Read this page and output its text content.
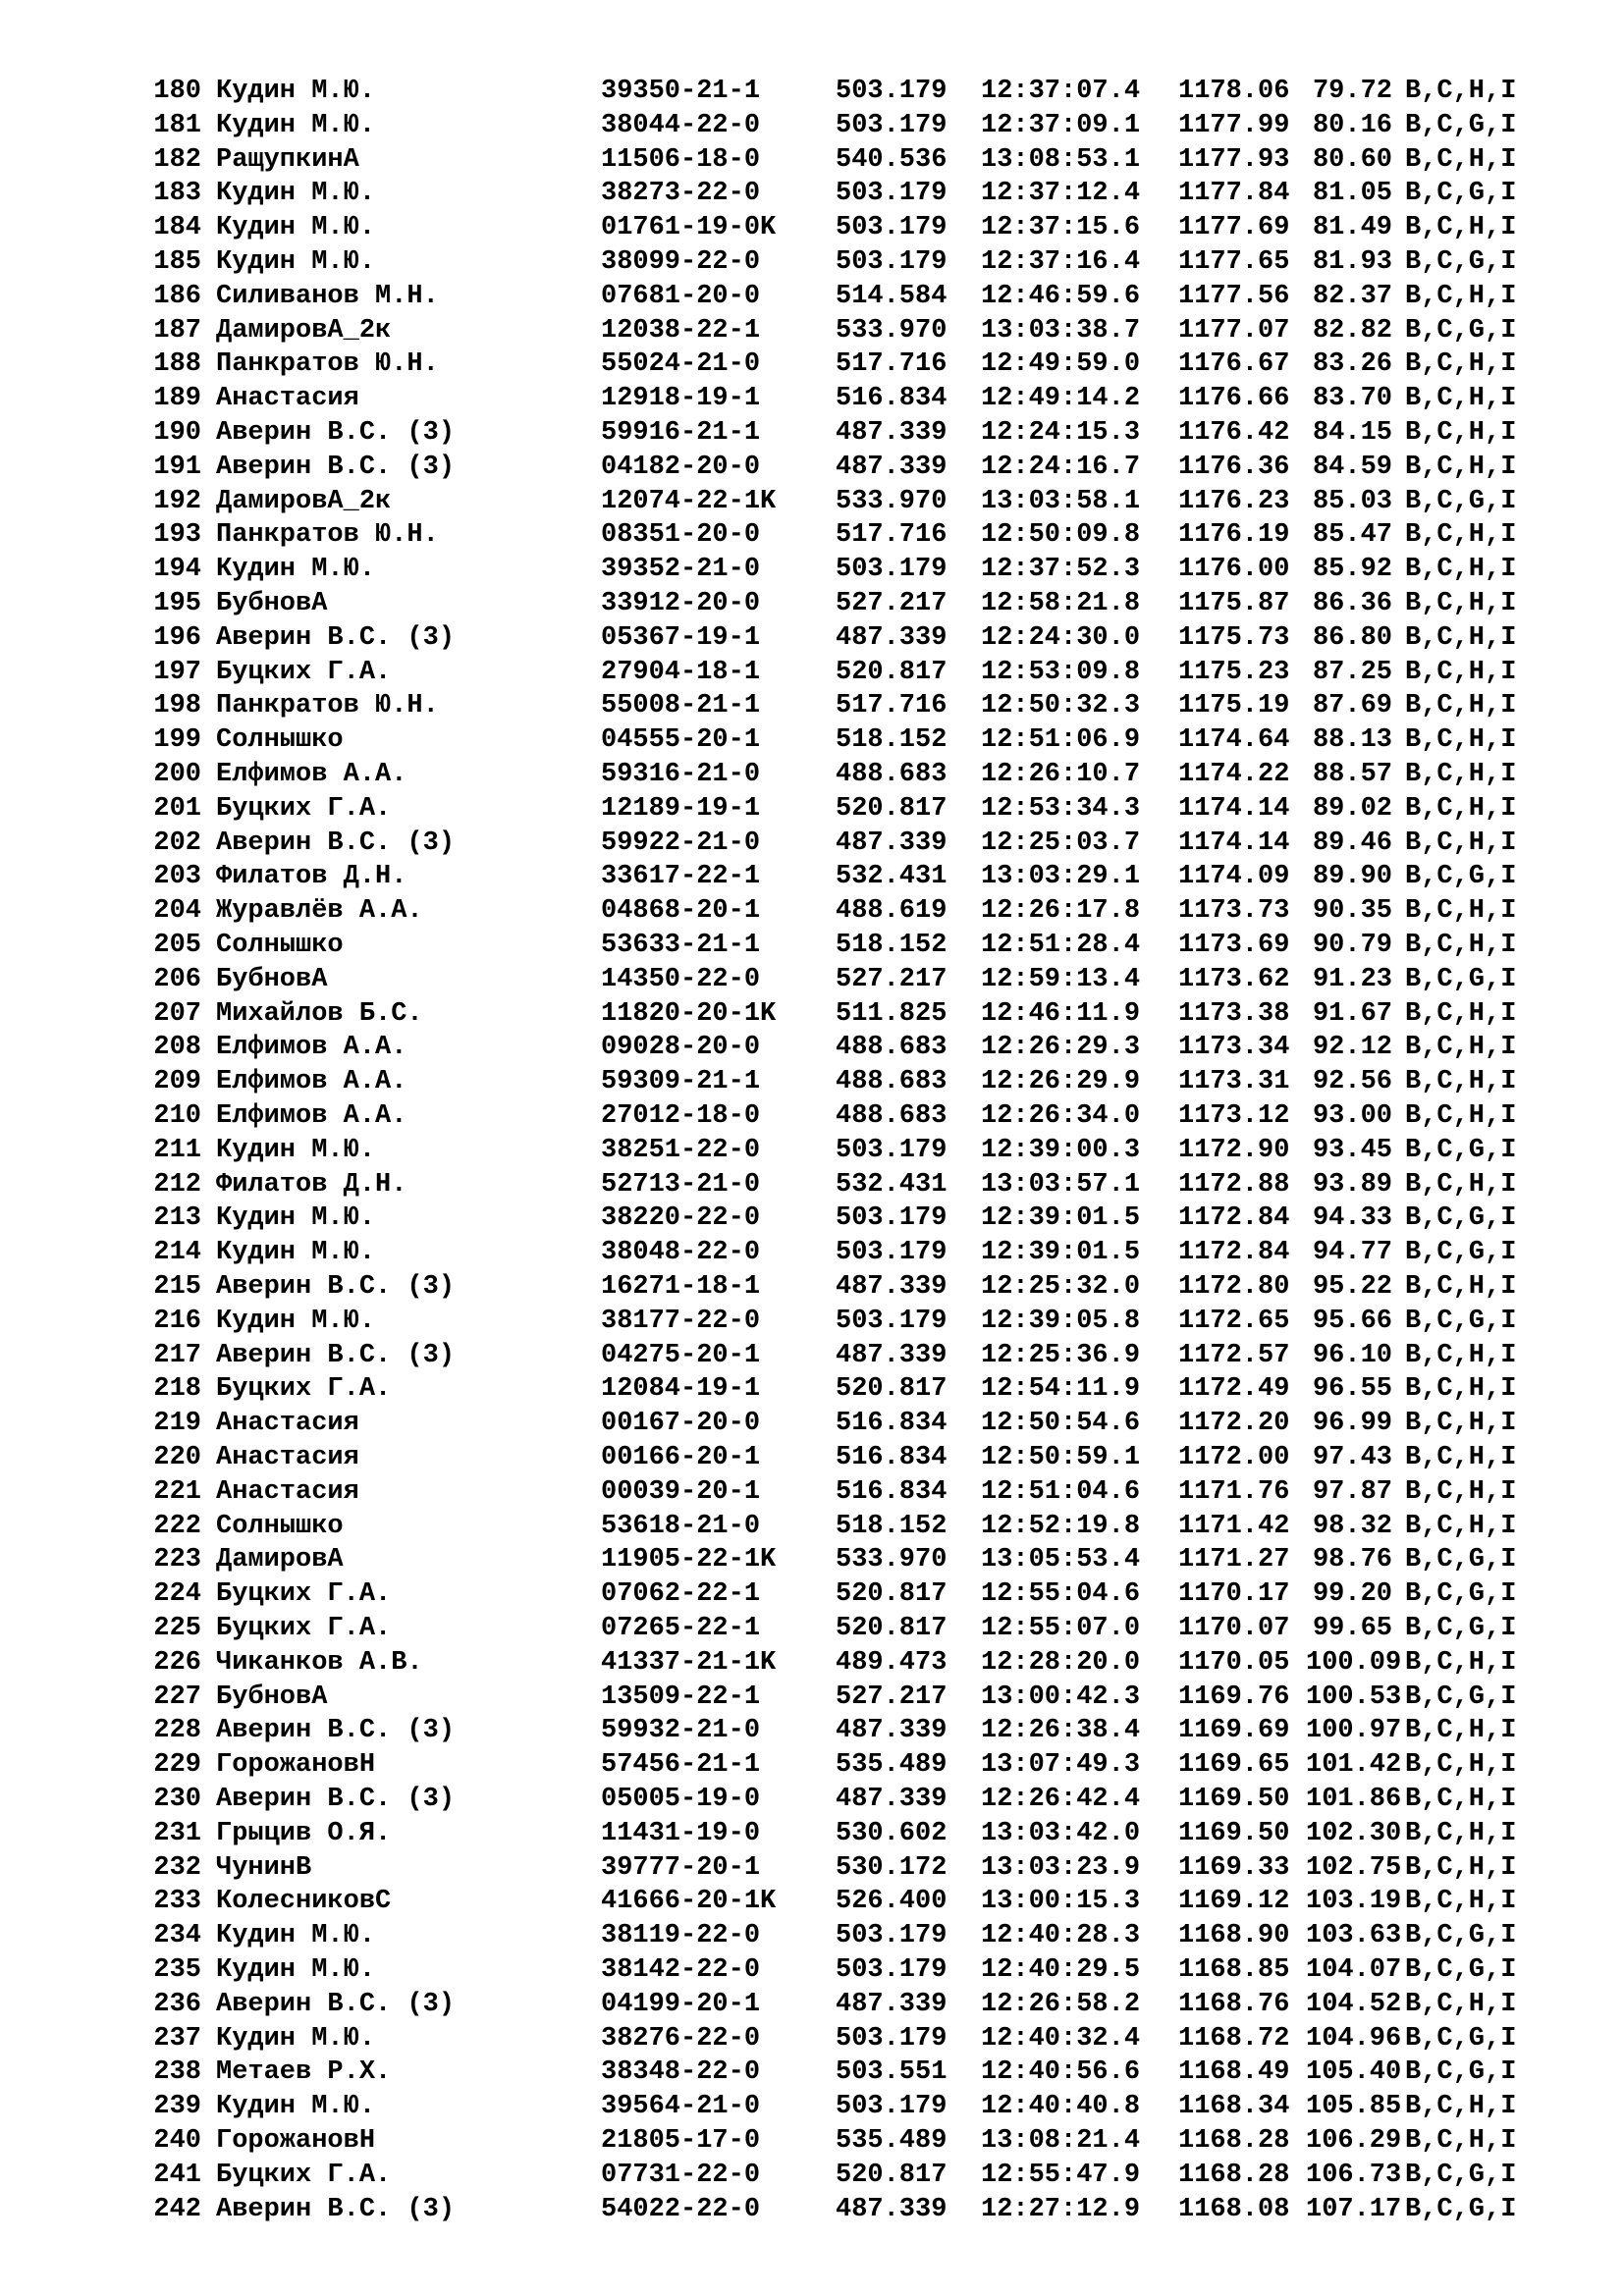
180 Кудин М.Ю.	39350-21-1	503.179 12:37:07.4 1178.06 79.72 B,C,H,I
181 Кудин М.Ю.	38044-22-0	503.179 12:37:09.1 1177.99 80.16 B,C,G,I
182 РащупкинА	11506-18-0	540.536 13:08:53.1 1177.93 80.60 B,C,H,I
183 Кудин М.Ю.	38273-22-0	503.179 12:37:12.4 1177.84 81.05 B,C,G,I
184 Кудин М.Ю.	01761-19-0K 503.179 12:37:15.6 1177.69 81.49 B,C,H,I
185 Кудин М.Ю.	38099-22-0	503.179 12:37:16.4 1177.65 81.93 B,C,G,I
186 Силиванов М.Н.	07681-20-0	514.584 12:46:59.6 1177.56 82.37 B,C,H,I
187 ДамировА_2к	12038-22-1	533.970 13:03:38.7 1177.07 82.82 B,C,G,I
188 Панкратов Ю.Н.	55024-21-0	517.716 12:49:59.0 1176.67 83.26 B,C,H,I
189 Анастасия	12918-19-1	516.834 12:49:14.2 1176.66 83.70 B,C,H,I
190 Аверин В.С. (3)	59916-21-1	487.339 12:24:15.3 1176.42 84.15 B,C,H,I
191 Аверин В.С. (3)	04182-20-0	487.339 12:24:16.7 1176.36 84.59 B,C,H,I
192 ДамировА_2к	12074-22-1K 533.970 13:03:58.1 1176.23 85.03 B,C,G,I
193 Панкратов Ю.Н.	08351-20-0	517.716 12:50:09.8 1176.19 85.47 B,C,H,I
194 Кудин М.Ю.	39352-21-0	503.179 12:37:52.3 1176.00 85.92 B,C,H,I
195 БубновА	33912-20-0	527.217 12:58:21.8 1175.87 86.36 B,C,H,I
196 Аверин В.С. (3)	05367-19-1	487.339 12:24:30.0 1175.73 86.80 B,C,H,I
197 Буцких Г.А.	27904-18-1	520.817 12:53:09.8 1175.23 87.25 B,C,H,I
198 Панкратов Ю.Н.	55008-21-1	517.716 12:50:32.3 1175.19 87.69 B,C,H,I
199 Солнышко	04555-20-1	518.152 12:51:06.9 1174.64 88.13 B,C,H,I
200 Елфимов А.А.	59316-21-0	488.683 12:26:10.7 1174.22 88.57 B,C,H,I
201 Буцких Г.А.	12189-19-1	520.817 12:53:34.3 1174.14 89.02 B,C,H,I
202 Аверин В.С. (3)	59922-21-0	487.339 12:25:03.7 1174.14 89.46 B,C,H,I
203 Филатов Д.Н.	33617-22-1	532.431 13:03:29.1 1174.09 89.90 B,C,G,I
204 Журавлёв А.А.	04868-20-1	488.619 12:26:17.8 1173.73 90.35 B,C,H,I
205 Солнышко	53633-21-1	518.152 12:51:28.4 1173.69 90.79 B,C,H,I
206 БубновА	14350-22-0	527.217 12:59:13.4 1173.62 91.23 B,C,G,I
207 Михайлов Б.С.	11820-20-1K 511.825 12:46:11.9 1173.38 91.67 B,C,H,I
208 Елфимов А.А.	09028-20-0	488.683 12:26:29.3 1173.34 92.12 B,C,H,I
209 Елфимов А.А.	59309-21-1	488.683 12:26:29.9 1173.31 92.56 B,C,H,I
210 Елфимов А.А.	27012-18-0	488.683 12:26:34.0 1173.12 93.00 B,C,H,I
211 Кудин М.Ю.	38251-22-0	503.179 12:39:00.3 1172.90 93.45 B,C,G,I
212 Филатов Д.Н.	52713-21-0	532.431 13:03:57.1 1172.88 93.89 B,C,H,I
213 Кудин М.Ю.	38220-22-0	503.179 12:39:01.5 1172.84 94.33 B,C,G,I
214 Кудин М.Ю.	38048-22-0	503.179 12:39:01.5 1172.84 94.77 B,C,G,I
215 Аверин В.С. (3)	16271-18-1	487.339 12:25:32.0 1172.80 95.22 B,C,H,I
216 Кудин М.Ю.	38177-22-0	503.179 12:39:05.8 1172.65 95.66 B,C,G,I
217 Аверин В.С. (3)	04275-20-1	487.339 12:25:36.9 1172.57 96.10 B,C,H,I
218 Буцких Г.А.	12084-19-1	520.817 12:54:11.9 1172.49 96.55 B,C,H,I
219 Анастасия	00167-20-0	516.834 12:50:54.6 1172.20 96.99 B,C,H,I
220 Анастасия	00166-20-1	516.834 12:50:59.1 1172.00 97.43 B,C,H,I
221 Анастасия	00039-20-1	516.834 12:51:04.6 1171.76 97.87 B,C,H,I
222 Солнышко	53618-21-0	518.152 12:52:19.8 1171.42 98.32 B,C,H,I
223 ДамировА	11905-22-1K 533.970 13:05:53.4 1171.27 98.76 B,C,G,I
224 Буцких Г.А.	07062-22-1	520.817 12:55:04.6 1170.17 99.20 B,C,G,I
225 Буцких Г.А.	07265-22-1	520.817 12:55:07.0 1170.07 99.65 B,C,G,I
226 Чиканков А.В.	41337-21-1K 489.473 12:28:20.0 1170.05 100.09 B,C,H,I
227 БубновА	13509-22-1	527.217 13:00:42.3 1169.76 100.53 B,C,G,I
228 Аверин В.С. (3)	59932-21-0	487.339 12:26:38.4 1169.69 100.97 B,C,H,I
229 ГорожановН	57456-21-1	535.489 13:07:49.3 1169.65 101.42 B,C,H,I
230 Аверин В.С. (3)	05005-19-0	487.339 12:26:42.4 1169.50 101.86 B,C,H,I
231 Грыцив О.Я.	11431-19-0	530.602 13:03:42.0 1169.50 102.30 B,C,H,I
232 ЧунинВ	39777-20-1	530.172 13:03:23.9 1169.33 102.75 B,C,H,I
233 КолесниковС	41666-20-1K 526.400 13:00:15.3 1169.12 103.19 B,C,H,I
234 Кудин М.Ю.	38119-22-0	503.179 12:40:28.3 1168.90 103.63 B,C,G,I
235 Кудин М.Ю.	38142-22-0	503.179 12:40:29.5 1168.85 104.07 B,C,G,I
236 Аверин В.С. (3)	04199-20-1	487.339 12:26:58.2 1168.76 104.52 B,C,H,I
237 Кудин М.Ю.	38276-22-0	503.179 12:40:32.4 1168.72 104.96 B,C,G,I
238 Метаев Р.Х.	38348-22-0	503.551 12:40:56.6 1168.49 105.40 B,C,G,I
239 Кудин М.Ю.	39564-21-0	503.179 12:40:40.8 1168.34 105.85 B,C,H,I
240 ГорожановН	21805-17-0	535.489 13:08:21.4 1168.28 106.29 B,C,H,I
241 Буцких Г.А.	07731-22-0	520.817 12:55:47.9 1168.28 106.73 B,C,G,I
242 Аверин В.С. (3)	54022-22-0	487.339 12:27:12.9 1168.08 107.17 B,C,G,I
